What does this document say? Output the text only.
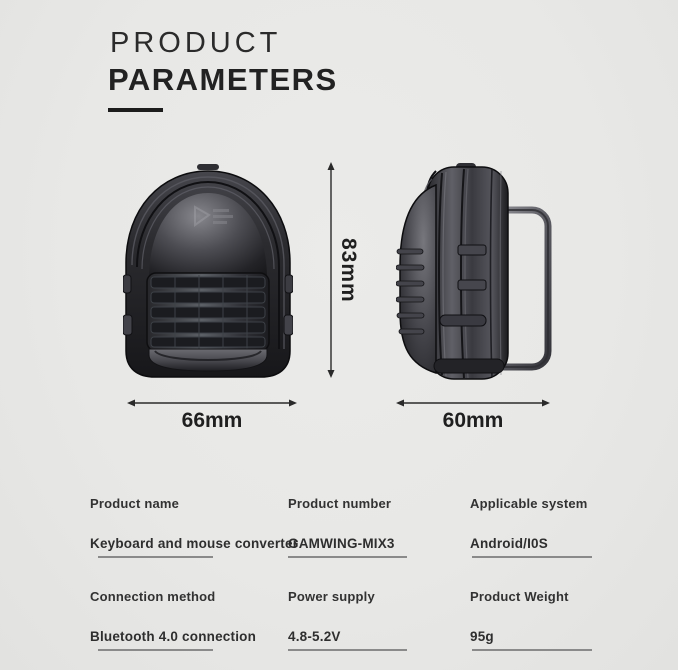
PRODUCT
PARAMETERS
83mm
66mm	60mm
Product name
Keyboard and mouse converter
Product number
GAMWING-MIX3
Applicable system
Android/I0S
Connection method
Bluetooth 4.0 connection
Power supply
4.8-5.2V
Product Weight
95g
